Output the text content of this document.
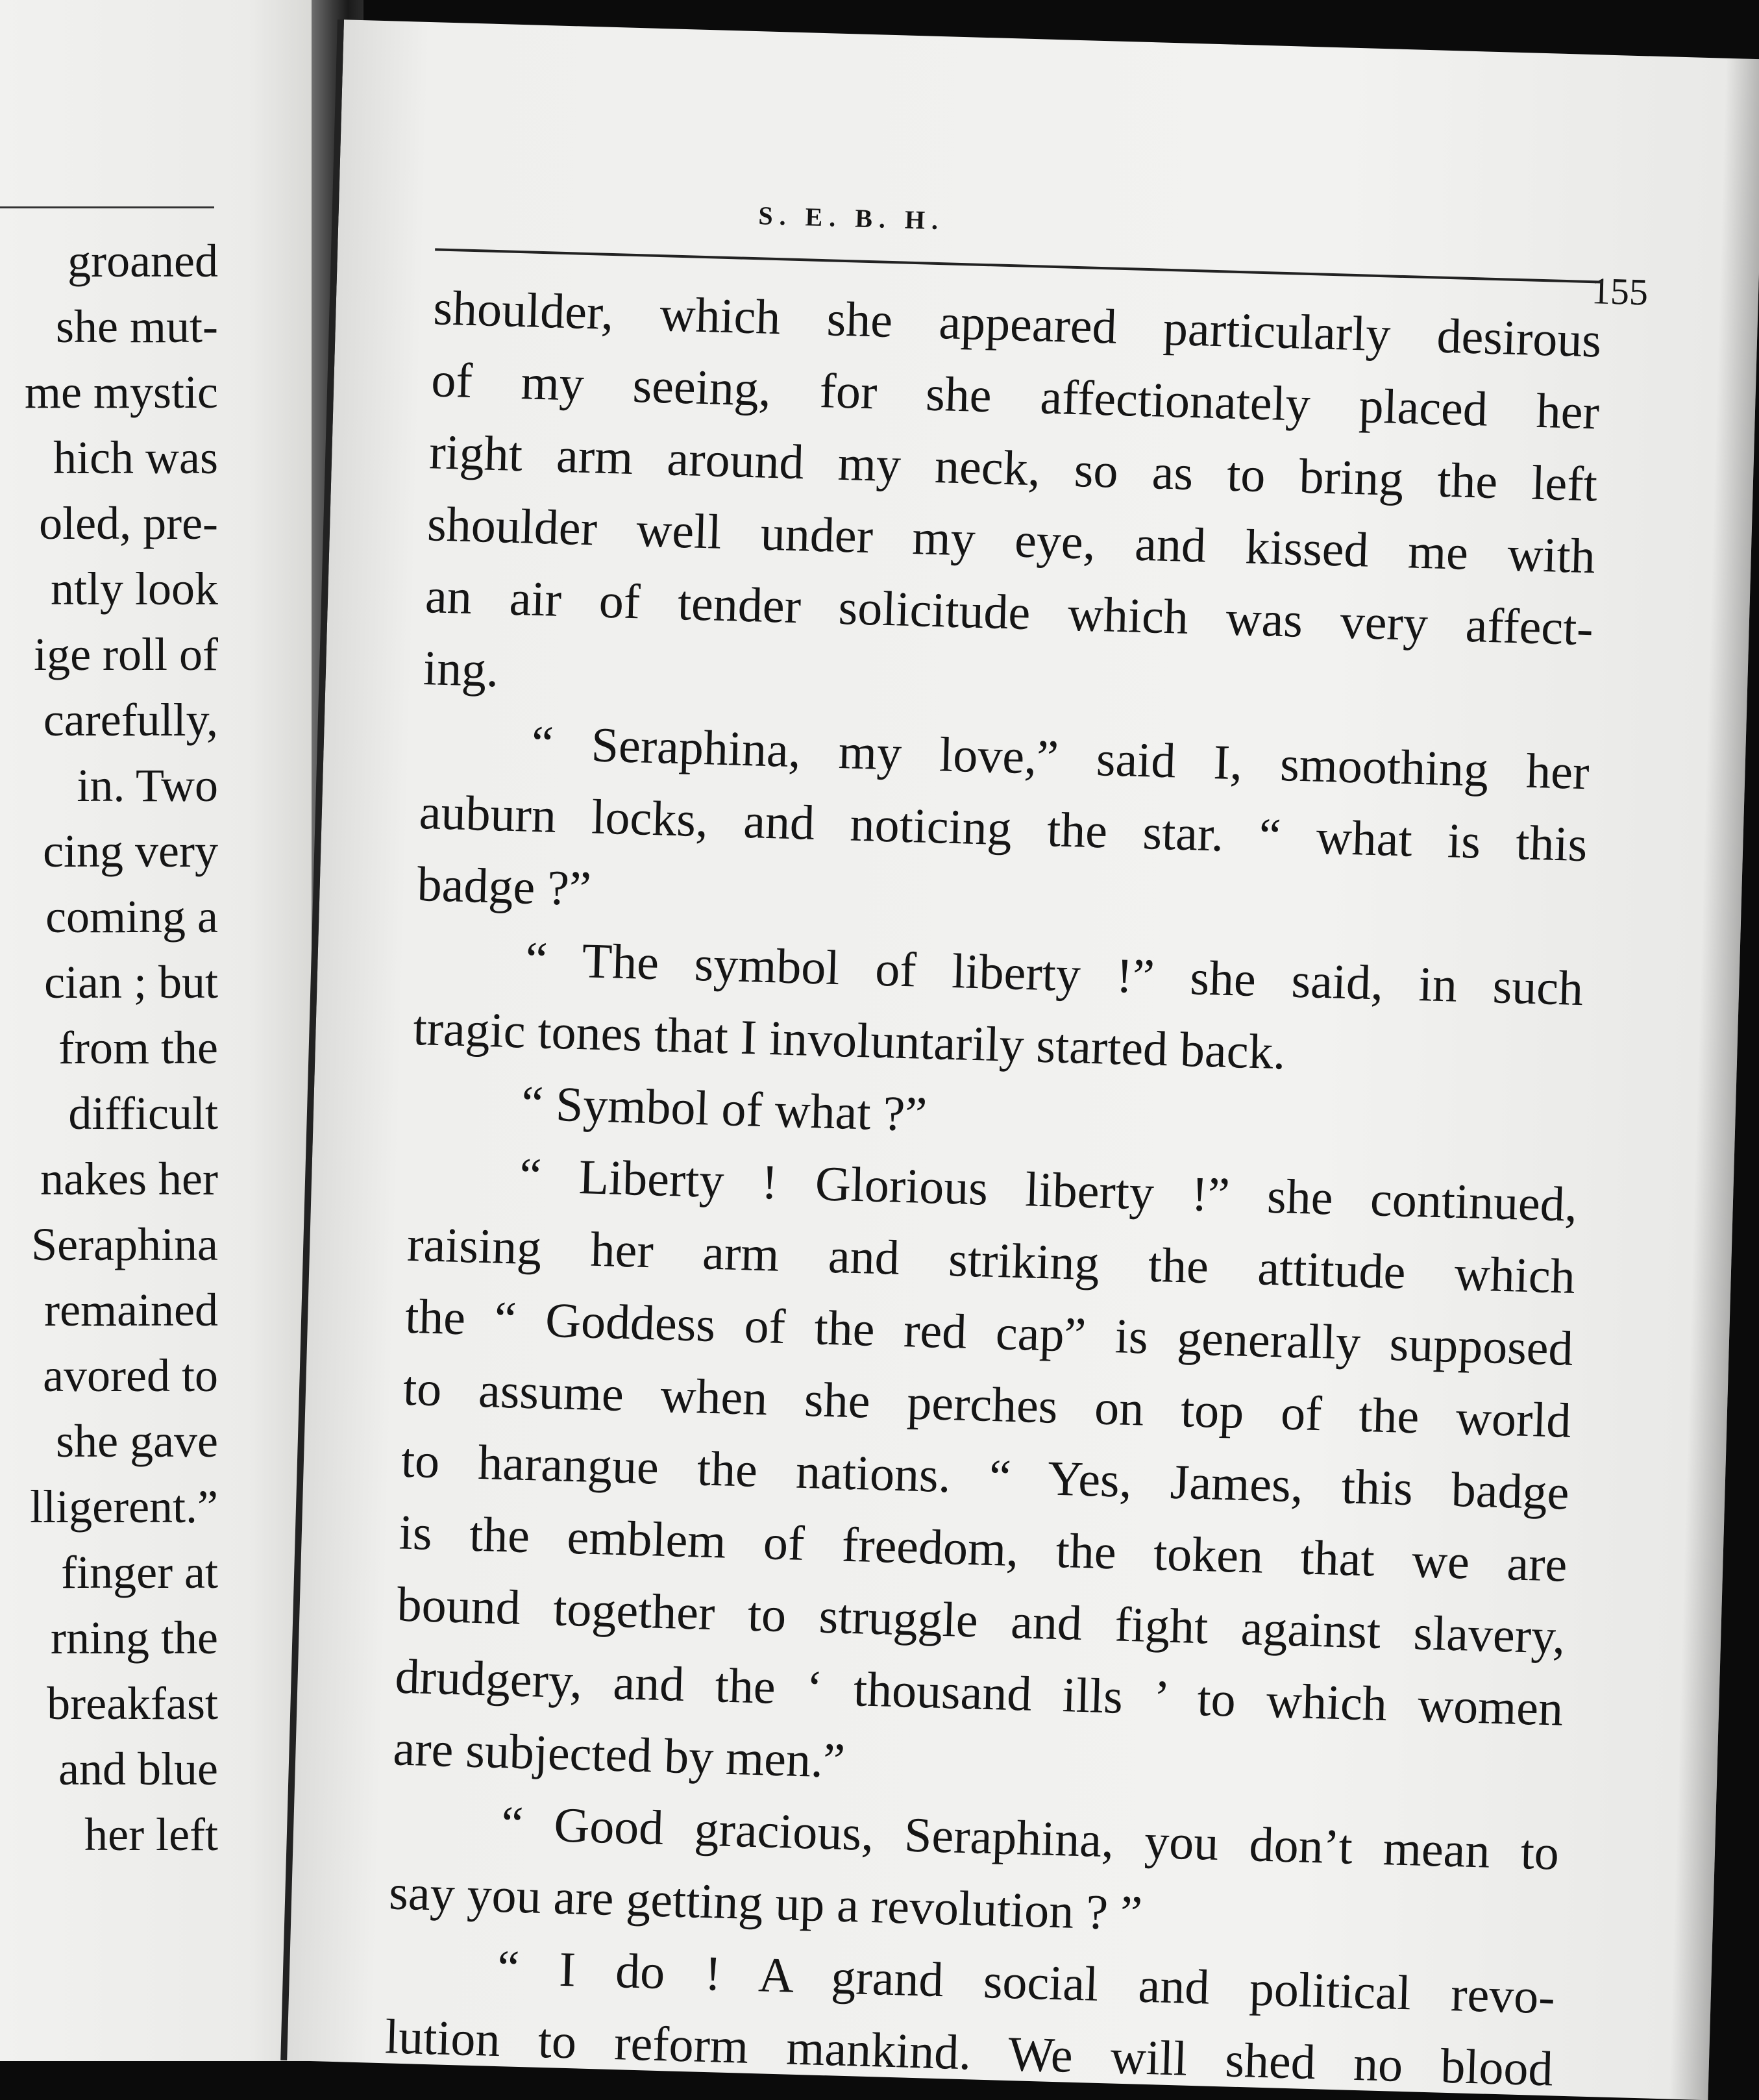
groaned
she mut-
me mystic
hich was
oled, pre-
ntly look
ige roll of
carefully,
in. Two
cing very
coming a
cian ; but
from the
difficult
nakes her
Seraphina
remained
avored to
she gave
lligerent.”
finger at
rning the
breakfast
and blue
her left
S. E. B. H.
155
shoulder, which she appeared particularly desirous
of my seeing, for she affectionately placed her
right arm around my neck, so as to bring the left
shoulder well under my eye, and kissed me with
an air of tender solicitude which was very affect-
ing.
“ Seraphina, my love,” said I, smoothing her
auburn locks, and noticing the star. “ what is this
badge ?”
“ The symbol of liberty !” she said, in such
tragic tones that I involuntarily started back.
“ Symbol of what ?”
“ Liberty ! Glorious liberty !” she continued,
raising her arm and striking the attitude which
the “ Goddess of the red cap” is generally supposed
to assume when she perches on top of the world
to harangue the nations. “ Yes, James, this badge
is the emblem of freedom, the token that we are
bound together to struggle and fight against slavery,
drudgery, and the ‘ thousand ills ’ to which women
are subjected by men.”
“ Good gracious, Seraphina, you don’t mean to
say you are getting up a revolution ? ”
“ I do ! A grand social and political revo-
lution to reform mankind. We will shed no blood
